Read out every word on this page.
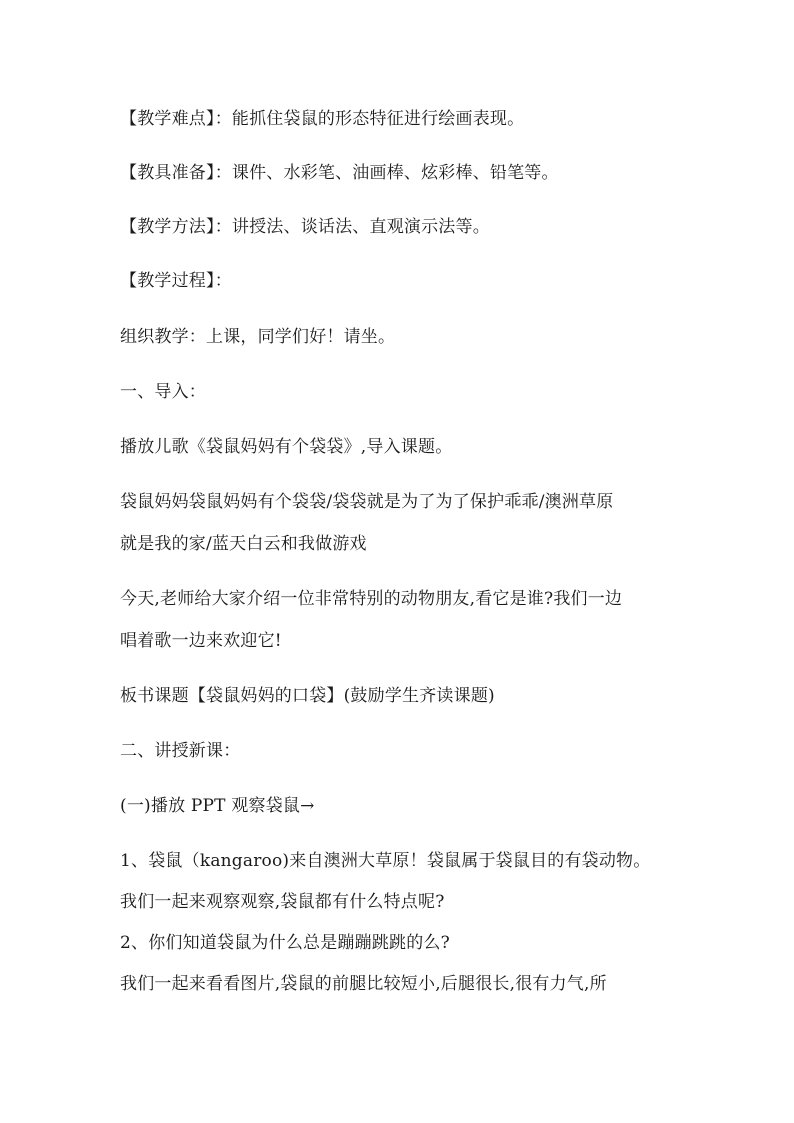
【教学难点】：能抓住袋鼠的形态特征进行绘画表现。

【教具准备】：课件、水彩笔、油画棒、炫彩棒、铅笔等。

【教学方法】：讲授法、谈话法、直观演示法等。

【教学过程】：

组织教学：上课，同学们好！请坐。

一、导入：

播放儿歌《袋鼠妈妈有个袋袋》,导入课题。

袋鼠妈妈袋鼠妈妈有个袋袋/袋袋就是为了为了保护乖乖/澳洲草原

就是我的家/蓝天白云和我做游戏

今天,老师给大家介绍一位非常特别的动物朋友,看它是谁?我们一边

唱着歌一边来欢迎它!

板书课题【袋鼠妈妈的口袋】(鼓励学生齐读课题)

二、讲授新课：

(一)播放 PPT 观察袋鼠→

1、袋鼠（kangaroo)来自澳洲大草原！袋鼠属于袋鼠目的有袋动物。

我们一起来观察观察,袋鼠都有什么特点呢?

2、你们知道袋鼠为什么总是蹦蹦跳跳的么?

我们一起来看看图片,袋鼠的前腿比较短小,后腿很长,很有力气,所
